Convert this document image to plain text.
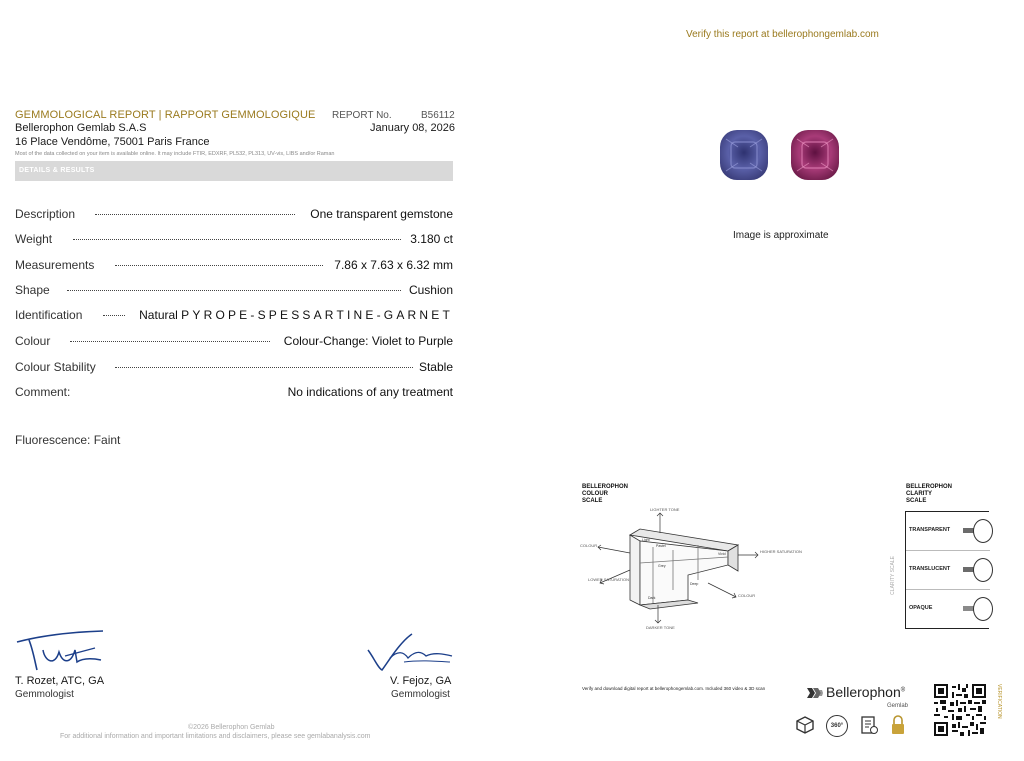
Verify this report at bellerophongemlab.com
GEMMOLOGICAL REPORT | RAPPORT GEMMOLOGIQUE REPORT No.	B56112
Bellerophon Gemlab S.A.S	January 08, 2026
16 Place Vendôme, 75001 Paris France
Most of the data collected on your item is available online. It may include FTIR, EDXRF, PL532, PL313, UV-vis, LIBS and/or Raman
DETAILS & RESULTS
Description	One transparent gemstone
Weight	3.180 ct
Measurements	7.86 x 7.63 x 6.32 mm
Shape	Cushion
Identification	Natural PYROPE-SPESSARTINE-GARNET
Colour	Colour-Change: Violet to Purple
Colour Stability	Stable
Comment:	No indications of any treatment
Fluorescence: Faint
T. Rozet, ATC, GA
Gemmologist
V. Fejoz, GA
Gemmologist
©2026 Bellerophon Gemlab
For additional information and important limitations and disclaimers, please see gemlabanalysis.com
Image is approximate
BELLEROPHON
COLOUR
SCALE
LIGHTER TONE
COLOUR
LOWER SATURATION
HIGHER SATURATION
COLOUR
DARKER TONE
Light
Pastel
Vivid
Dark
Deep
Grey
BELLEROPHON
CLARITY
SCALE
CLARITY SCALE
TRANSPARENT
TRANSLUCENT
OPAQUE
Verify and download digital report at bellerophongemlab.com. Included 360 video & 3D scan	Bellerophon®
Gemlab
360°
VERIFICATION
